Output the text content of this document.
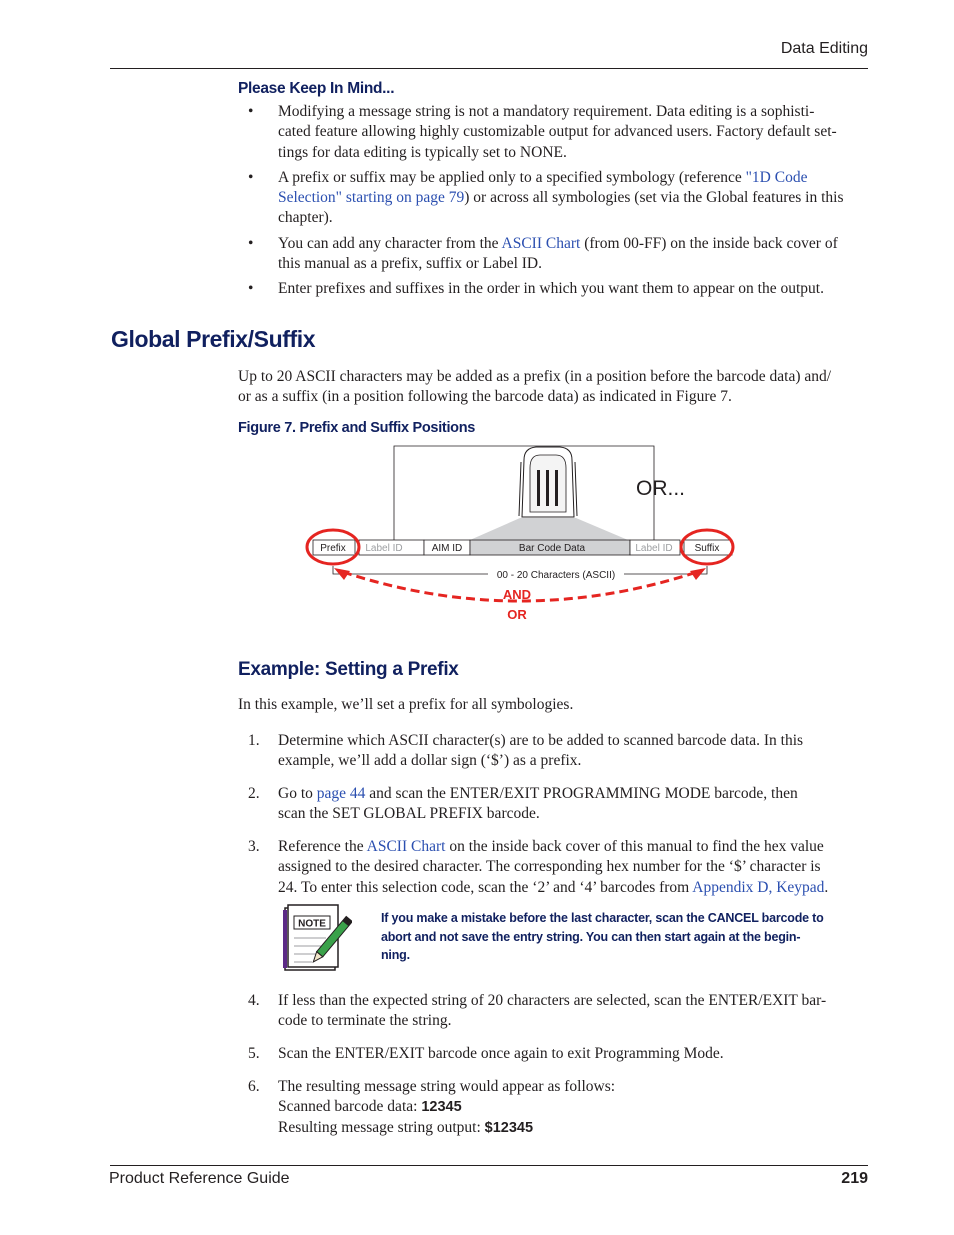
Data Editing
Please Keep In Mind...
• Modifying a message string is not a mandatory requirement. Data editing is a sophisti-
cated feature allowing highly customizable output for advanced users. Factory default set-
tings for data editing is typically set to NONE.
• A prefix or suffix may be applied only to a specified symbology (reference "1D Code
Selection" starting on page 79) or across all symbologies (set via the Global features in this
chapter).
• You can add any character from the ASCII Chart (from 00-FF) on the inside back cover of
this manual as a prefix, suffix or Label ID.
• Enter prefixes and suffixes in the order in which you want them to appear on the output.
Global Prefix/Suffix
Up to 20 ASCII characters may be added as a prefix (in a position before the barcode data) and/
or as a suffix (in a position following the barcode data) as indicated in Figure 7.
Figure 7. Prefix and Suffix Positions
OR...
Prefix Label ID	AIM ID	Bar Code Data	Label ID Suffix
00 - 20 Characters (ASCII)
AND
OR
Example: Setting a Prefix
In this example, we’ll set a prefix for all symbologies.
1. Determine which ASCII character(s) are to be added to scanned barcode data. In this
example, we’ll add a dollar sign (‘$’) as a prefix.
2. Go to page 44 and scan the ENTER/EXIT PROGRAMMING MODE barcode, then
scan the SET GLOBAL PREFIX barcode.
3. Reference the ASCII Chart on the inside back cover of this manual to find the hex value
assigned to the desired character. The corresponding hex number for the ‘$’ character is
24. To enter this selection code, scan the ‘2’ and ‘4’ barcodes from Appendix D, Keypad.
NOTE	If you make a mistake before the last character, scan the CANCEL barcode to
abort and not save the entry string. You can then start again at the begin-
ning.
4. If less than the expected string of 20 characters are selected, scan the ENTER/EXIT bar-
code to terminate the string.
5. Scan the ENTER/EXIT barcode once again to exit Programming Mode.
6. The resulting message string would appear as follows:
Scanned barcode data: 12345
Resulting message string output: $12345
Product Reference Guide	219
